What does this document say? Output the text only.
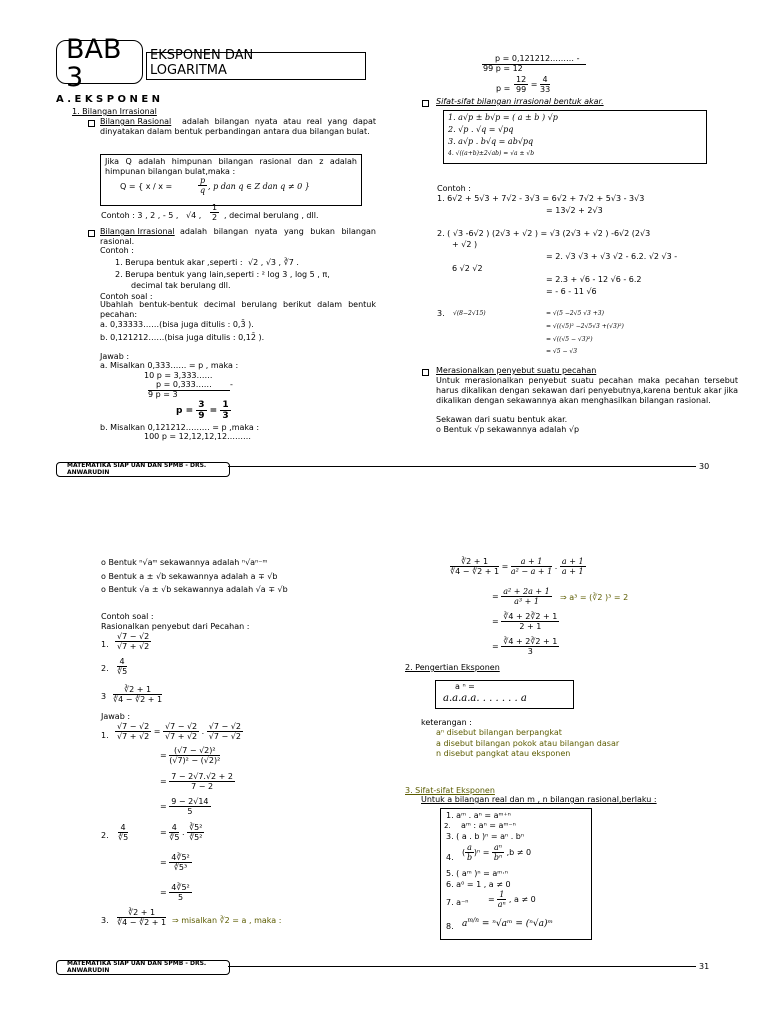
BAB 3
EKSPONEN DAN LOGARITMA
A . E K S P O N E N
1. Bilangan Irrasional
Bilangan Rasional	adalah bilangan nyata atau real yang dapat dinyatakan dalam bentuk perbandingan antara dua bilangan bulat.
Jika Q adalah himpunan bilangan rasional dan z adalah himpunan bilangan bulat,maka :
Q = { x / x =	$\frac{p}{q}$ , p dan q ∈ Z dan q ≠ 0 }
Contoh : 3 , 2 , - 5 , √4 , $\frac{1}{2}$ , decimal berulang , dll.
Bilangan Irrasional adalah bilangan nyata yang bukan bilangan rasional.
Contoh :
1. Berupa bentuk akar ,seperti : √2 , √3 , ∛7 .
2. Berupa bentuk yang lain,seperti : ² log 3 , log 5 , π,
decimal tak berulang dll.
Contoh soal :
Ubahlah bentuk-bentuk decimal berulang berikut dalam bentuk pecahan:
a. 0,33333……(bisa juga ditulis : 0,3̄ ).
b. 0,121212……(bisa juga ditulis : 0,12̄ ).
Jawab :
a. Misalkan 0,333…… = p , maka :
10 p = 3,333……
p = 0,333…… -
9 p = 3
$p = \frac{3}{9} = \frac{1}{3}$
b. Misalkan 0,121212……… = p ,maka :
100 p = 12,12,12,12………
p = 0,121212……… -
99 p = 12
$p = \frac{12}{99} = \frac{4}{33}$
Sifat-sifat bilangan irrasional bentuk akar.
1. a√p ± b√p = ( a ± b ) √p
2. √p . √q = √pq
3. a√p . b√q = ab√pq
4. √((a+b)±2√ab) = √a ± √b
Contoh :
1. 6√2 + 5√3 + 7√2 - 3√3 = 6√2 + 7√2 + 5√3 - 3√3
= 13√2 + 2√3
2. ( √3 -6√2 ) (2√3 + √2 ) = √3 (2√3 + √2 ) -6√2 (2√3
+ √2 )
= 2. √3 √3 + √3 √2 - 6.2. √2 √3 -
6 √2 √2
= 2.3 + √6 - 12 √6 - 6.2
= - 6 - 11 √6
3. √(8−2√15)	= √(5 −2√5 √3 +3)
= √((√5)² −2√5√3 +(√3)²)
= √((√5 − √3)²)
= √5 − √3
Merasionalkan penyebut suatu pecahan
Untuk merasionalkan penyebut suatu pecahan maka pecahan tersebut harus dikalikan dengan sekawan dari penyebutnya,karena bentuk akar jika dikalikan dengan sekawannya akan menghasilkan bilangan rasional.
Sekawan dari suatu bentuk akar.
o Bentuk √p sekawannya adalah √p
MATEMATIKA SIAP UAN DAN SPMB - DRS. ANWARUDIN
30
o Bentuk ⁿ√aᵐ sekawannya adalah ⁿ√aⁿ⁻ᵐ
o Bentuk a ± √b sekawannya adalah a ∓ √b
o Bentuk √a ± √b sekawannya adalah √a ∓ √b
Contoh soal :
Rasionalkan penyebut dari Pecahan :
1. $\frac{√7 - √2}{√7 + √2}$
2. $\frac{4}{∛5}$
$3 \frac{∛2 + 1}{∛4 - ∛2 + 1}$
Jawab :
1. $\frac{√7 - √2}{√7 + √2} = \frac{√7 - √2}{√7 + √2}$ . $\frac{√7 - √2}{√7 - √2}$
= $\frac{\text{(√7 − √2)²}}{\text{(√7)² − (√2)²}}$
= $\frac{7 - 2√7.√2 + 2}{7 - 2}$
= $\frac{9 - 2√14}{5}$
2. $\frac{4}{∛5}$	= $\frac{4}{∛5}$ . $\frac{\text{∛5²}}{\text{∛5²}}$
= $\frac{\text{4∛5²}}{\text{∛5³}}$
= $\frac{\text{4∛5²}}{5}$
3. $\frac{∛2 + 1}{∛4 - ∛2 + 1}$ ⇒ misalkan ∛2 = a , maka :
$\frac{∛2 + 1}{∛4 - ∛2 + 1} = \frac{a + 1}{\text{a² − a + 1}}$ . $\frac{a + 1}{a + 1}$
= $\frac{\text{a² + 2a + 1}}{\text{a³ + 1}}$ ⇒ a³ = (∛2 )³ = 2
= $\frac{∛4 + 2∛2 + 1}{2 + 1}$
= $\frac{∛4 + 2∛2 + 1}{3}$
2. Pengertian Eksponen
a ⁿ =
a.a.a.a. . . . . . . a
keterangan :
aⁿ disebut bilangan berpangkat
a disebut bilangan pokok atau bilangan dasar
n disebut pangkat atau eksponen
3. Sifat-sifat Eksponen
Untuk a bilangan real dan m , n bilangan rasional,berlaku :
1. aᵐ . aⁿ = aᵐ⁺ⁿ
2. aᵐ : aⁿ = aᵐ⁻ⁿ
3. ( a . b )ⁿ = aⁿ . bⁿ
4.
( $\frac{a}{b} )^n = \frac{\text{aⁿ}}{\text{bⁿ}} ,b \ne 0$
5. ( aᵐ )ⁿ = aᵐ·ⁿ
6. a⁰ = 1 , a ≠ 0
7. $a^{-n} = \frac{1}{\text{aⁿ}}$ , a ≠ 0
8. $a^{m/n}$ = ⁿ√aᵐ = (ⁿ√a)ᵐ
MATEMATIKA SIAP UAN DAN SPMB - DRS. ANWARUDIN	31
